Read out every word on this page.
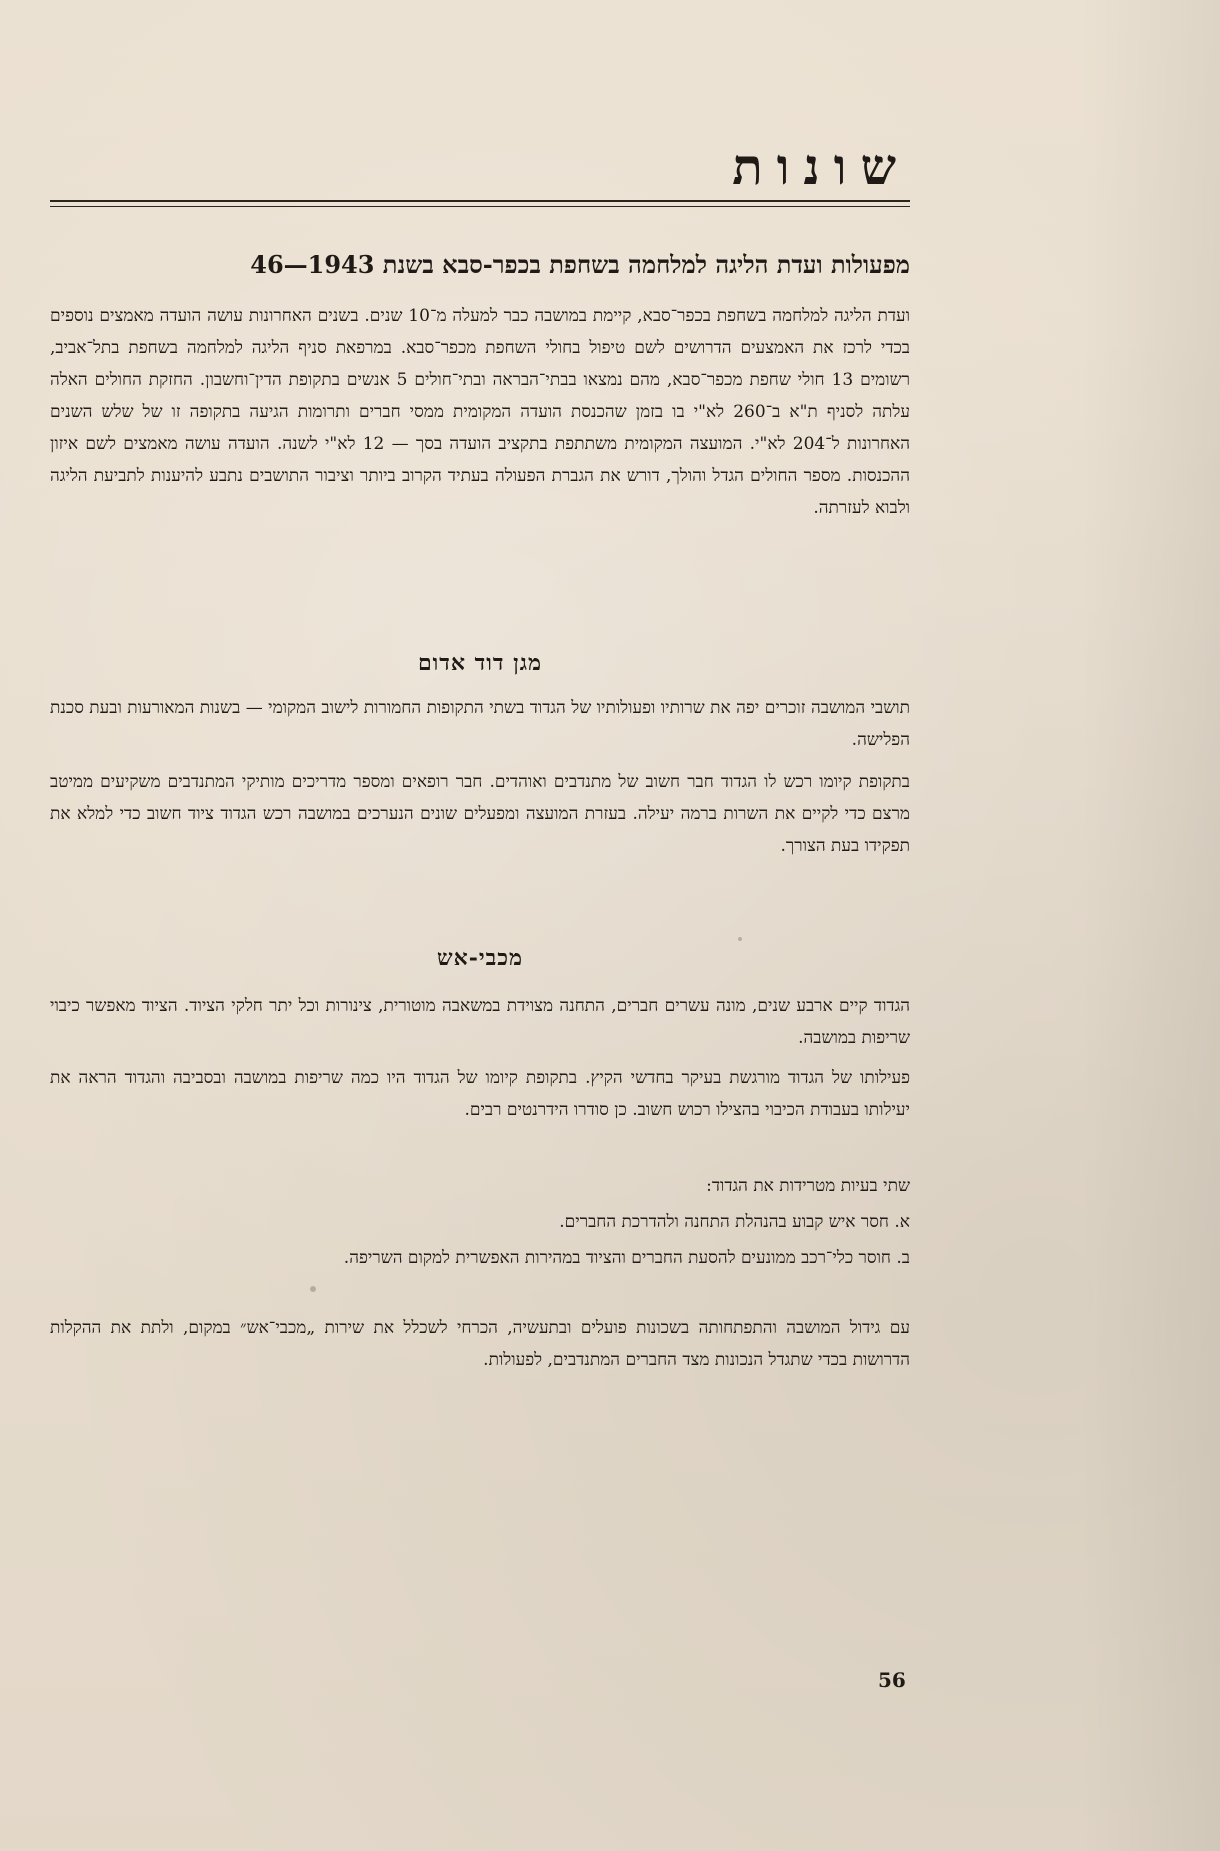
שונות
מפעולות ועדת הליגה למלחמה בשחפת בכפר-סבא בשנת 1943—46

ועדת הליגה למלחמה בשחפת בכפר־סבא, קיימת במושבה כבר למעלה מ־10 שנים. בשנים האחרונות עושה הועדה מאמצים נוספים בכדי לרכז את האמצעים הדרושים לשם טיפול בחולי השחפת מכפר־סבא. במרפאת סניף הליגה למלחמה בשחפת בתל־אביב, רשומים 13 חולי שחפת מכפר־סבא, מהם נמצאו בבתי־הבראה ובתי־חולים 5 אנשים בתקופת הדין־וחשבון. החזקת החולים האלה עלתה לסניף ת"א ב־260 לא"י בו בזמן שהכנסת הועדה המקומית ממסי חברים ותרומות הגיעה בתקופה זו של שלש השנים האחרונות ל־204 לא"י. המועצה המקומית משתתפת בתקציב הועדה בסך — 12 לא"י לשנה. הועדה עושה מאמצים לשם איזון ההכנסות. מספר החולים הגדל והולך, דורש את הגברת הפעולה בעתיד הקרוב ביותר וציבור התושבים נתבע להיענות לתביעת הליגה ולבוא לעזרתה.

מגן דוד אדום

תושבי המושבה זוכרים יפה את שרותיו ופעולותיו של הגדוד בשתי התקופות החמורות לישוב המקומי — בשנות המאורעות ובעת סכנת הפלישה.

בתקופת קיומו רכש לו הגדוד חבר חשוב של מתנדבים ואוהדים. חבר רופאים ומספר מדריכים מותיקי המתנדבים משקיעים ממיטב מרצם כדי לקיים את השרות ברמה יעילה. בעזרת המועצה ומפעלים שונים הנערכים במושבה רכש הגדוד ציוד חשוב כדי למלא את תפקידו בעת הצורך.

מכבי-אש

הגדוד קיים ארבע שנים, מונה עשרים חברים, התחנה מצוידת במשאבה מוטורית, צינורות וכל יתר חלקי הציוד. הציוד מאפשר כיבוי שריפות במושבה.

פעילותו של הגדוד מורגשת בעיקר בחדשי הקיץ. בתקופת קיומו של הגדוד היו כמה שריפות במושבה ובסביבה והגדוד הראה את יעילותו בעבודת הכיבוי בהצילו רכוש חשוב. כן סודרו הידרנטים רבים.

שתי בעיות מטרידות את הגדוד:

א. חסר איש קבוע בהנהלת התחנה ולהדרכת החברים.

ב. חוסר כלי־רכב ממונעים להסעת החברים והציוד במהירות האפשרית למקום השריפה.

עם גידול המושבה והתפתחותה בשכונות פועלים ובתעשיה, הכרחי לשכלל את שירות „מכבי־אש״ במקום, ולתת את ההקלות הדרושות בכדי שתגדל הנכונות מצד החברים המתנדבים, לפעולות.

56
